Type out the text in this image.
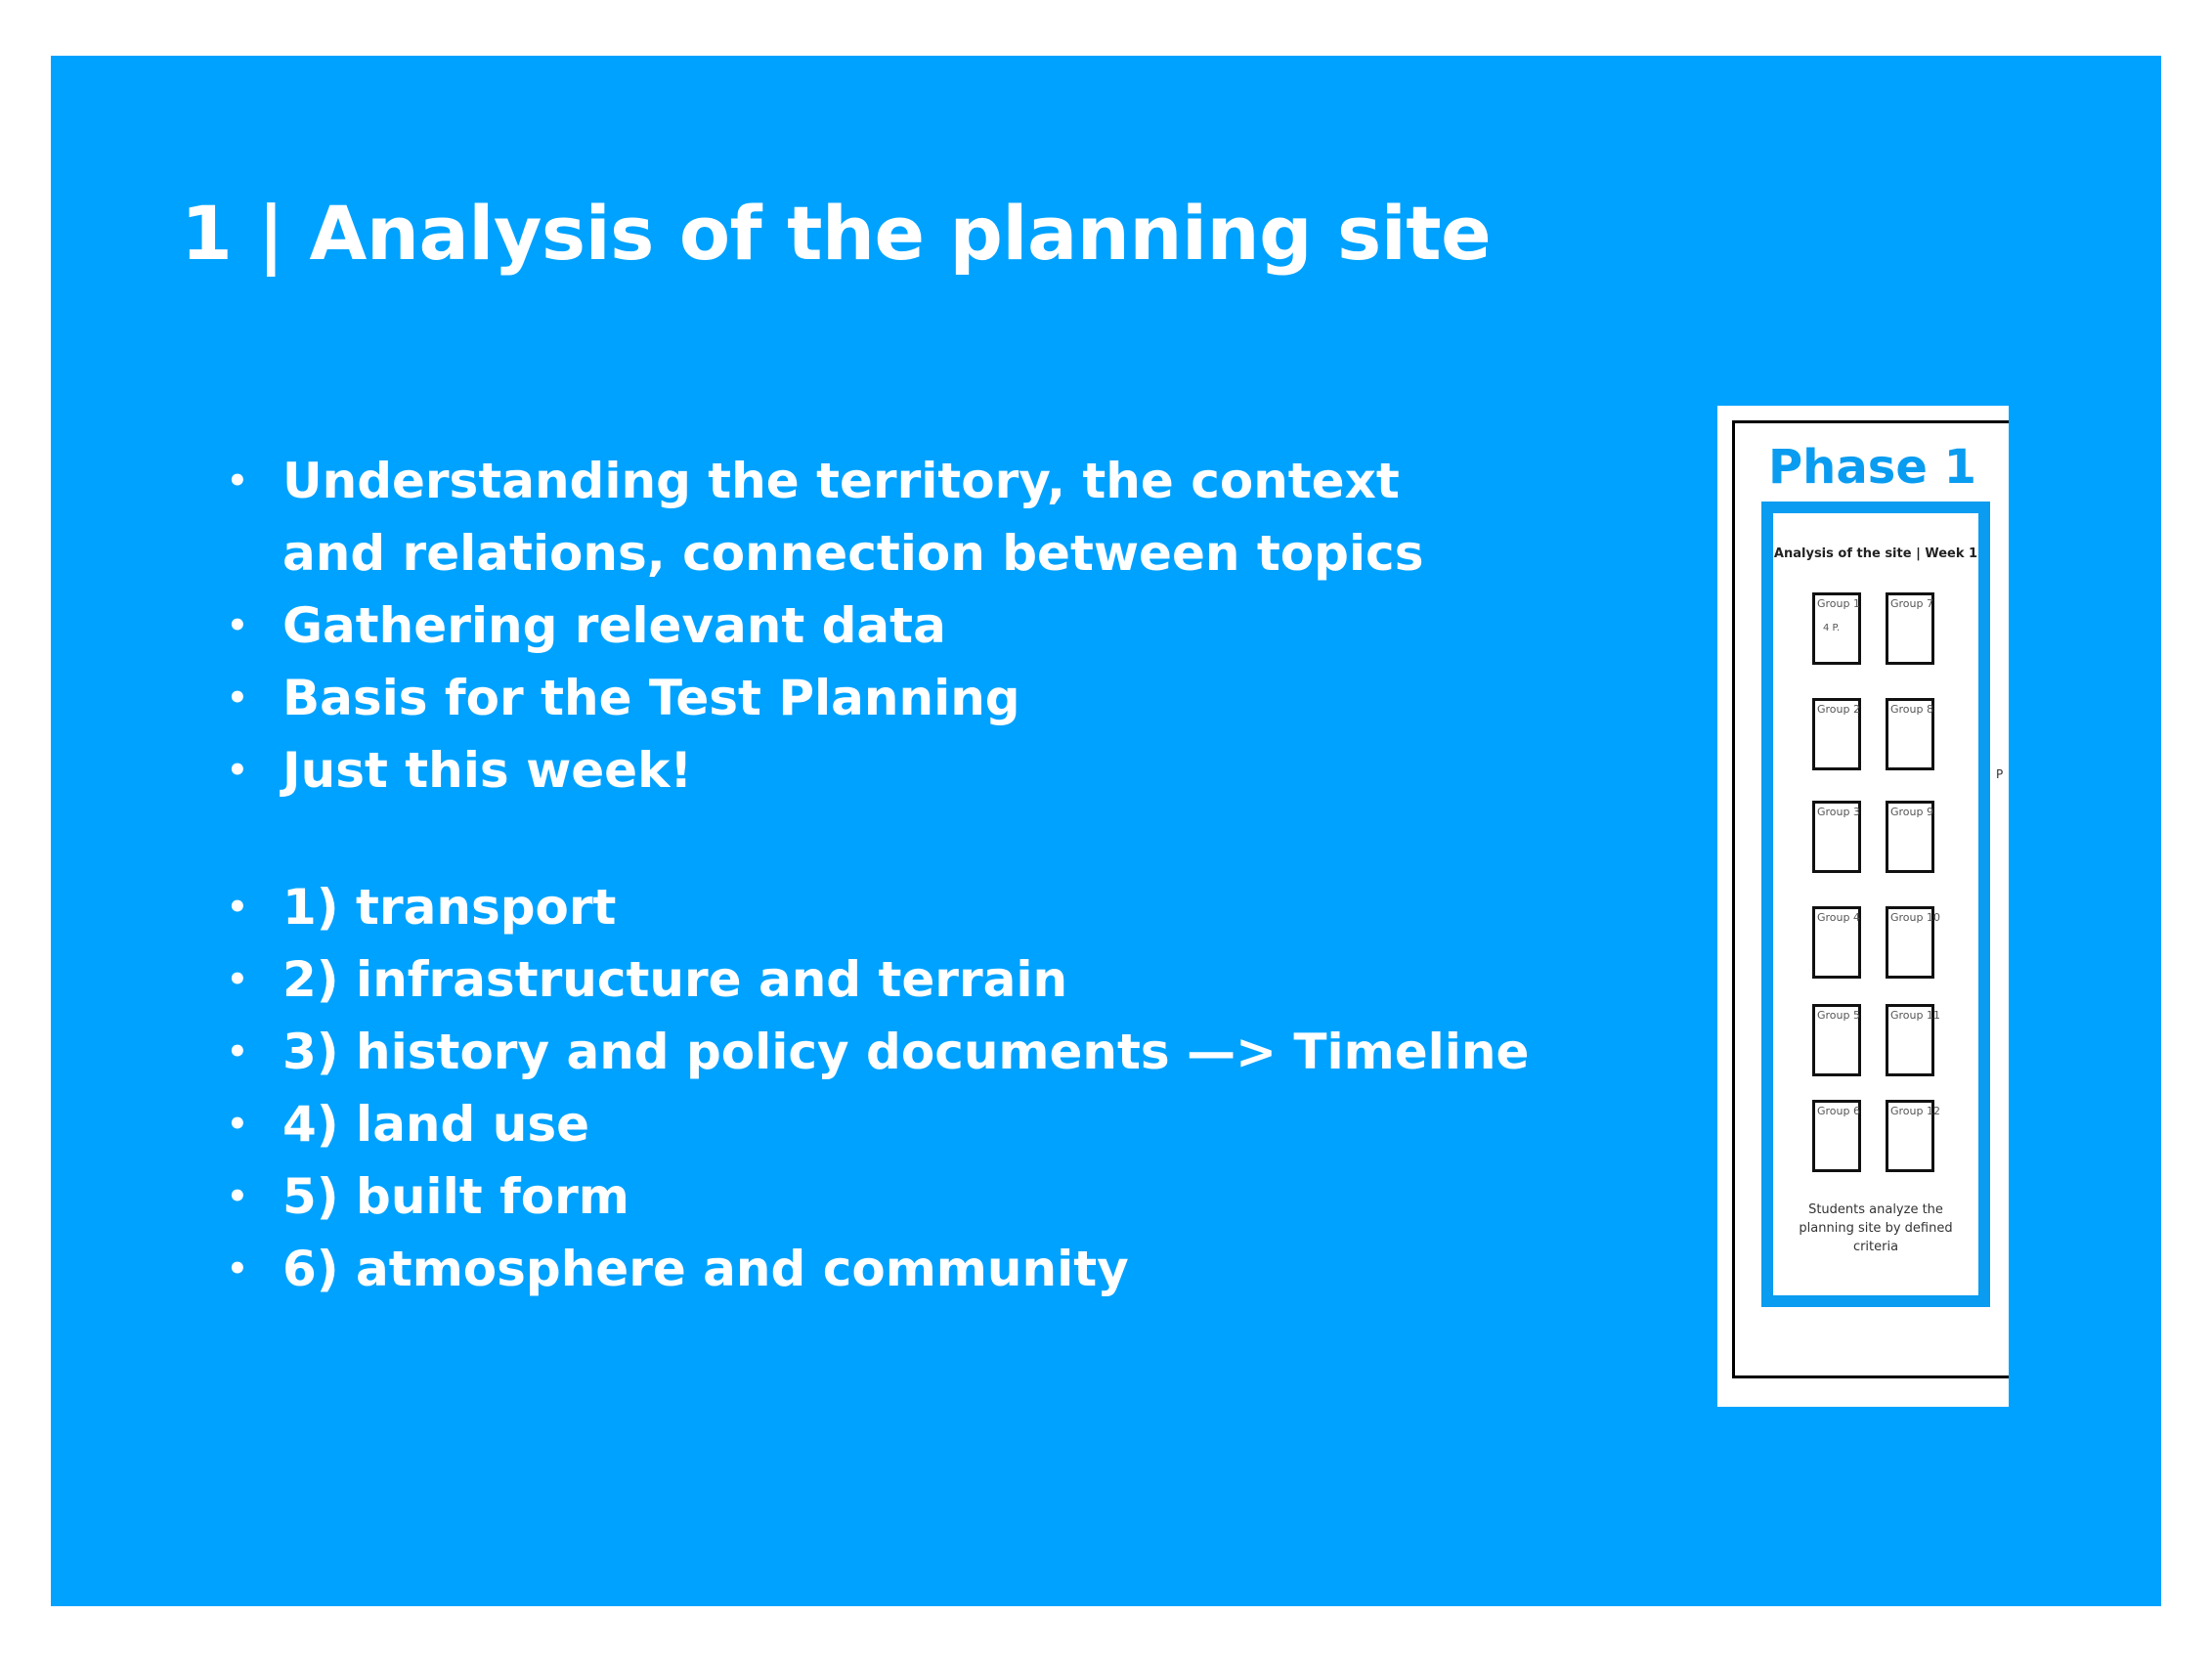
1 | Analysis of the planning site
• Understanding the territory, the context and relations, connection between topics
• Gathering relevant data
• Basis for the Test Planning
• Just this week!
• 1) transport
• 2) infrastructure and terrain
• 3) history and policy documents —> Timeline
• 4) land use
• 5) built form
• 6) atmosphere and community
Phase 1
Analysis of the site | Week 1
Group 1
4 P.
Group 7
Group 2	Group 8
Group 3	Group 9
Group 4	Group 10
Group 5	Group 11
Group 6	Group 12
Students analyze the planning site by defined criteria
P
